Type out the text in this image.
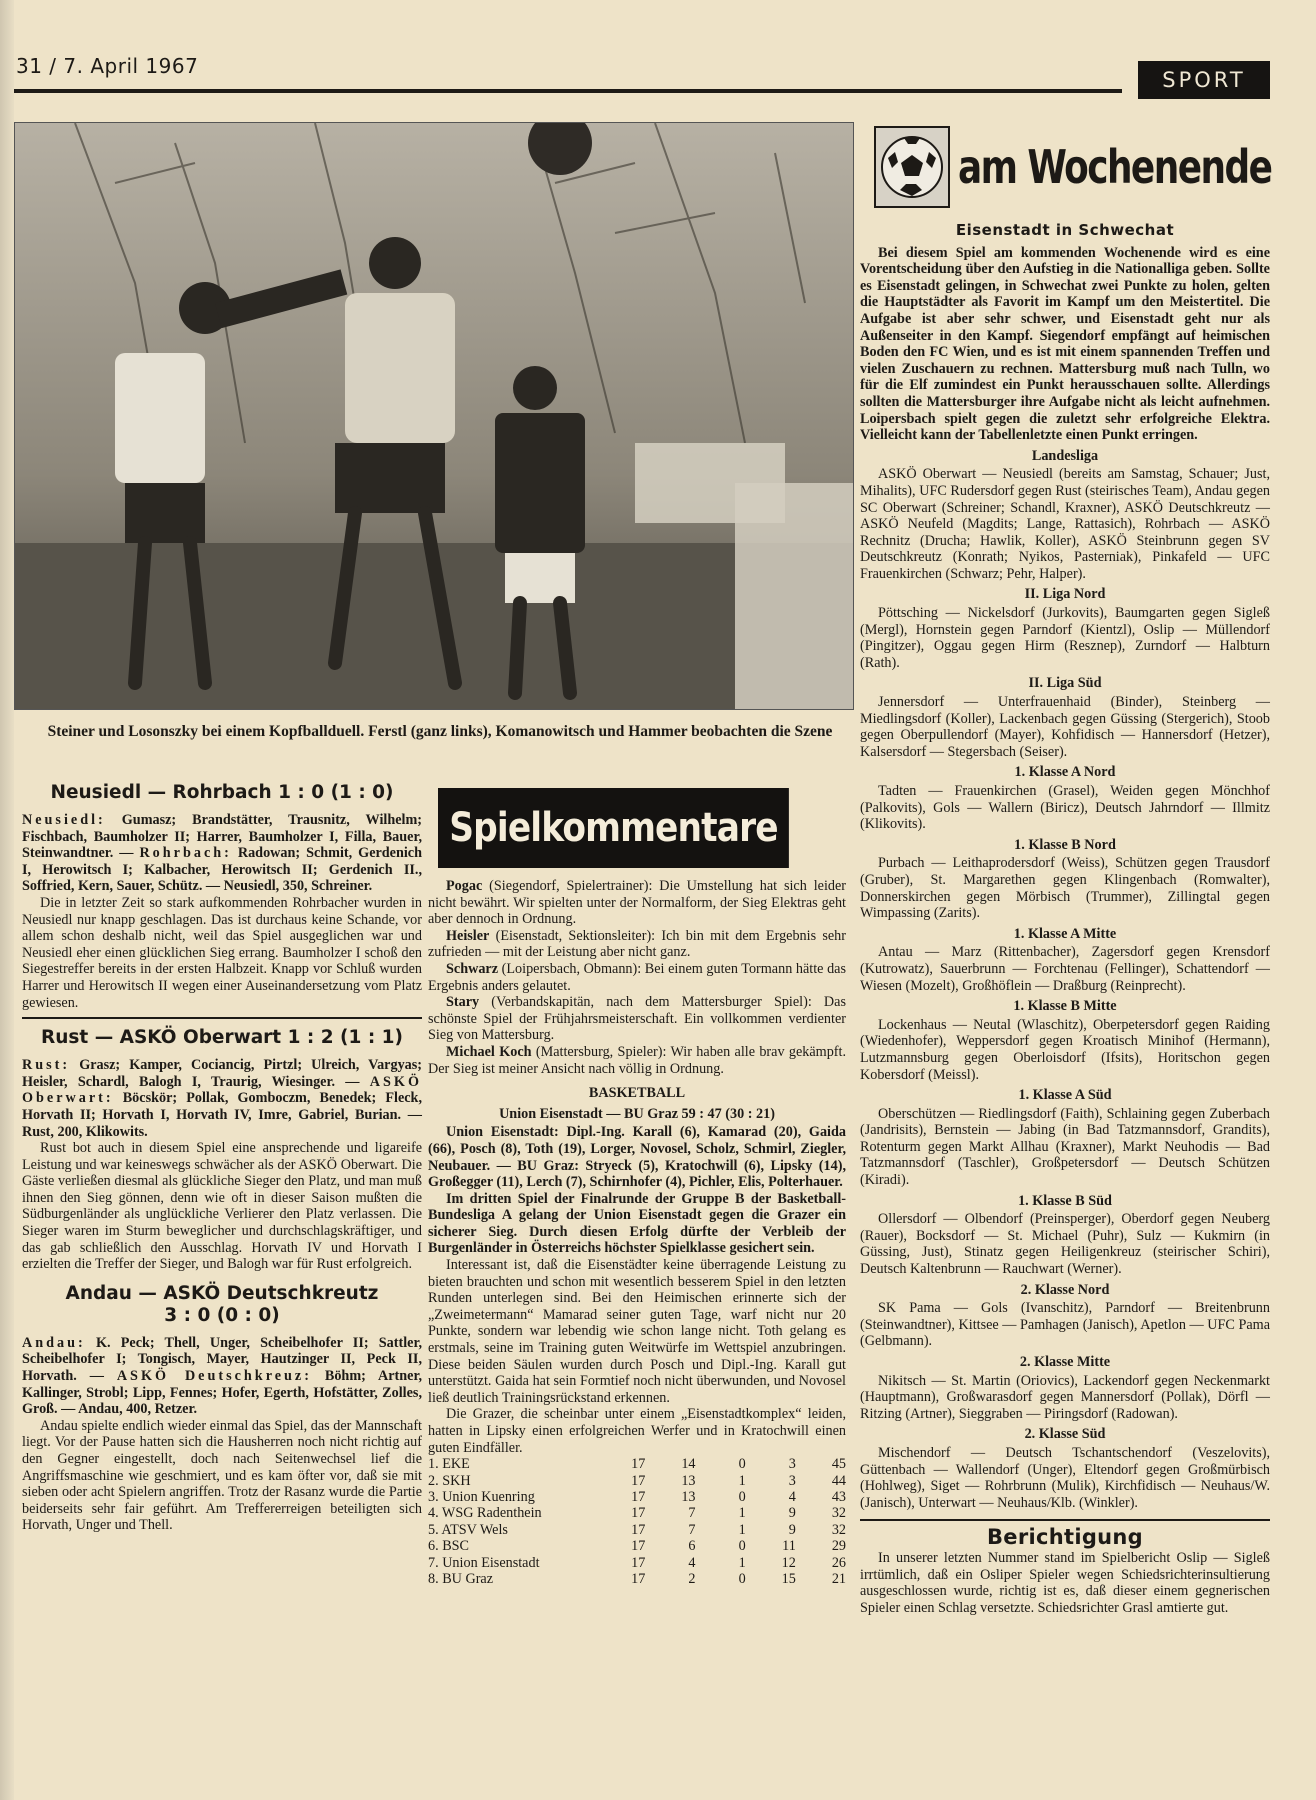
31 / 7. April 1967
SPORT
Steiner und Losonszky bei einem Kopfballduell. Ferstl (ganz links), Komanowitsch und Hammer beobachten die Szene
Neusiedl — Rohrbach 1 : 0 (1 : 0)

Neusiedl: Gumasz; Brandstätter, Trausnitz, Wilhelm; Fischbach, Baumholzer II; Harrer, Baumholzer I, Filla, Bauer, Steinwandtner. — Rohrbach: Radowan; Schmit, Gerdenich I, Herowitsch I; Kalbacher, Herowitsch II; Gerdenich II., Soffried, Kern, Sauer, Schütz. — Neusiedl, 350, Schreiner.

Die in letzter Zeit so stark aufkommenden Rohrbacher wurden in Neusiedl nur knapp geschlagen. Das ist durchaus keine Schande, vor allem schon deshalb nicht, weil das Spiel ausgeglichen war und Neusiedl eher einen glücklichen Sieg errang. Baumholzer I schoß den Siegestreffer bereits in der ersten Halbzeit. Knapp vor Schluß wurden Harrer und Herowitsch II wegen einer Auseinandersetzung vom Platz gewiesen.

Rust — ASKÖ Oberwart 1 : 2 (1 : 1)

Rust: Grasz; Kamper, Cociancig, Pirtzl; Ulreich, Vargyas; Heisler, Schardl, Balogh I, Traurig, Wiesinger. — ASKÖ Oberwart: Böcskör; Pollak, Gomboczm, Benedek; Fleck, Horvath II; Horvath I, Horvath IV, Imre, Gabriel, Burian. — Rust, 200, Klikowits.

Rust bot auch in diesem Spiel eine ansprechende und ligareife Leistung und war keineswegs schwächer als der ASKÖ Oberwart. Die Gäste verließen diesmal als glückliche Sieger den Platz, und man muß ihnen den Sieg gönnen, denn wie oft in dieser Saison mußten die Südburgenländer als unglückliche Verlierer den Platz verlassen. Die Sieger waren im Sturm beweglicher und durchschlagskräftiger, und das gab schließlich den Ausschlag. Horvath IV und Horvath I erzielten die Treffer der Sieger, und Balogh war für Rust erfolgreich.

Andau — ASKÖ Deutschkreutz
3 : 0 (0 : 0)

Andau: K. Peck; Thell, Unger, Scheibelhofer II; Sattler, Scheibelhofer I; Tongisch, Mayer, Hautzinger II, Peck II, Horvath. — ASKÖ Deutschkreuz: Böhm; Artner, Kallinger, Strobl; Lipp, Fennes; Hofer, Egerth, Hofstätter, Zolles, Groß. — Andau, 400, Retzer.

Andau spielte endlich wieder einmal das Spiel, das der Mannschaft liegt. Vor der Pause hatten sich die Hausherren noch nicht richtig auf den Gegner eingestellt, doch nach Seitenwechsel lief die Angriffsmaschine wie geschmiert, und es kam öfter vor, daß sie mit sieben oder acht Spielern angriffen. Trotz der Rasanz wurde die Partie beiderseits sehr fair geführt. Am Treffererreigen beteiligten sich Horvath, Unger und Thell.

Spielkommentare

Pogac (Siegendorf, Spielertrainer): Die Umstellung hat sich leider nicht bewährt. Wir spielten unter der Normalform, der Sieg Elektras geht aber dennoch in Ordnung.

Heisler (Eisenstadt, Sektionsleiter): Ich bin mit dem Ergebnis sehr zufrieden — mit der Leistung aber nicht ganz.

Schwarz (Loipersbach, Obmann): Bei einem guten Tormann hätte das Ergebnis anders gelautet.

Stary (Verbandskapitän, nach dem Mattersburger Spiel): Das schönste Spiel der Frühjahrsmeisterschaft. Ein vollkommen verdienter Sieg von Mattersburg.

Michael Koch (Mattersburg, Spieler): Wir haben alle brav gekämpft. Der Sieg ist meiner Ansicht nach völlig in Ordnung.

BASKETBALL
Union Eisenstadt — BU Graz 59 : 47 (30 : 21)

Union Eisenstadt: Dipl.-Ing. Karall (6), Kamarad (20), Gaida (66), Posch (8), Toth (19), Lorger, Novosel, Scholz, Schmirl, Ziegler, Neubauer. — BU Graz: Stryeck (5), Kratochwill (6), Lipsky (14), Großegger (11), Lerch (7), Schirnhofer (4), Pichler, Elis, Polterhauer.

Im dritten Spiel der Finalrunde der Gruppe B der Basketball-Bundesliga A gelang der Union Eisenstadt gegen die Grazer ein sicherer Sieg. Durch diesen Erfolg dürfte der Verbleib der Burgenländer in Österreichs höchster Spielklasse gesichert sein.

Interessant ist, daß die Eisenstädter keine überragende Leistung zu bieten brauchten und schon mit wesentlich besserem Spiel in den letzten Runden unterlegen sind. Bei den Heimischen erinnerte sich der „Zweimetermann“ Mamarad seiner guten Tage, warf nicht nur 20 Punkte, sondern war lebendig wie schon lange nicht. Toth gelang es erstmals, seine im Training guten Weitwürfe im Wettspiel anzubringen. Diese beiden Säulen wurden durch Posch und Dipl.-Ing. Karall gut unterstützt. Gaida hat sein Formtief noch nicht überwunden, und Novosel ließ deutlich Trainingsrückstand erkennen.

Die Grazer, die scheinbar unter einem „Eisenstadtkomplex“ leiden, hatten in Lipsky einen erfolgreichen Werfer und in Kratochwill einen guten Eindfäller.

1. EKE	17	14	0	3	45
2. SKH	17	13	1	3	44
3. Union Kuenring	17	13	0	4	43
4. WSG Radenthein	17	7	1	9	32
5. ATSV Wels	17	7	1	9	32
6. BSC	17	6	0	11	29
7. Union Eisenstadt	17	4	1	12	26
8. BU Graz	17	2	0	15	21
am Wochenende
Eisenstadt in Schwechat

Bei diesem Spiel am kommenden Wochenende wird es eine Vorentscheidung über den Aufstieg in die Nationalliga geben. Sollte es Eisenstadt gelingen, in Schwechat zwei Punkte zu holen, gelten die Hauptstädter als Favorit im Kampf um den Meistertitel. Die Aufgabe ist aber sehr schwer, und Eisenstadt geht nur als Außenseiter in den Kampf. Siegendorf empfängt auf heimischen Boden den FC Wien, und es ist mit einem spannenden Treffen und vielen Zuschauern zu rechnen. Mattersburg muß nach Tulln, wo für die Elf zumindest ein Punkt herausschauen sollte. Allerdings sollten die Mattersburger ihre Aufgabe nicht als leicht aufnehmen. Loipersbach spielt gegen die zuletzt sehr erfolgreiche Elektra. Vielleicht kann der Tabellenletzte einen Punkt erringen.

Landesliga

ASKÖ Oberwart — Neusiedl (bereits am Samstag, Schauer; Just, Mihalits), UFC Rudersdorf gegen Rust (steirisches Team), Andau gegen SC Oberwart (Schreiner; Schandl, Kraxner), ASKÖ Deutschkreutz — ASKÖ Neufeld (Magdits; Lange, Rattasich), Rohrbach — ASKÖ Rechnitz (Drucha; Hawlik, Koller), ASKÖ Steinbrunn gegen SV Deutschkreutz (Konrath; Nyikos, Pasterniak), Pinkafeld — UFC Frauenkirchen (Schwarz; Pehr, Halper).

II. Liga Nord

Pöttsching — Nickelsdorf (Jurkovits), Baumgarten gegen Sigleß (Mergl), Hornstein gegen Parndorf (Kientzl), Oslip — Müllendorf (Pingitzer), Oggau gegen Hirm (Resznер), Zurndorf — Halbturn (Rath).

II. Liga Süd

Jennersdorf — Unterfrauenhaid (Binder), Steinberg — Miedlingsdorf (Koller), Lackenbach gegen Güssing (Stergerich), Stoob gegen Oberpullendorf (Mayer), Kohfidisch — Hannersdorf (Hetzer), Kalsersdorf — Stegersbach (Seiser).

1. Klasse A Nord

Tadten — Frauenkirchen (Grasel), Weiden gegen Mönchhof (Palkovits), Gols — Wallern (Biricz), Deutsch Jahrndorf — Illmitz (Klikovits).

1. Klasse B Nord

Purbach — Leithaprodersdorf (Weiss), Schützen gegen Trausdorf (Gruber), St. Margarethen gegen Klingenbach (Romwalter), Donnerskirchen gegen Mörbisch (Trummer), Zillingtal gegen Wimpassing (Zarits).

1. Klasse A Mitte

Antau — Marz (Rittenbacher), Zagersdorf gegen Krensdorf (Kutrowatz), Sauerbrunn — Forchtenau (Fellinger), Schattendorf — Wiesen (Mozelt), Großhöflein — Draßburg (Reinprecht).

1. Klasse B Mitte

Lockenhaus — Neutal (Wlaschitz), Oberpetersdorf gegen Raiding (Wiedenhofer), Weppersdorf gegen Kroatisch Minihof (Hermann), Lutzmannsburg gegen Oberloisdorf (Ifsits), Horitschon gegen Kobersdorf (Meissl).

1. Klasse A Süd

Oberschützen — Riedlingsdorf (Faith), Schlaining gegen Zuberbach (Jandrisits), Bernstein — Jabing (in Bad Tatzmannsdorf, Grandits), Rotenturm gegen Markt Allhau (Kraxner), Markt Neuhodis — Bad Tatzmannsdorf (Taschler), Großpetersdorf — Deutsch Schützen (Kiradi).

1. Klasse B Süd

Ollersdorf — Olbendorf (Preinsperger), Oberdorf gegen Neuberg (Rauer), Bocksdorf — St. Michael (Puhr), Sulz — Kukmirn (in Güssing, Just), Stinatz gegen Heiligenkreuz (steirischer Schiri), Deutsch Kaltenbrunn — Rauchwart (Werner).

2. Klasse Nord

SK Pama — Gols (Ivanschitz), Parndorf — Breitenbrunn (Steinwandtner), Kittsee — Pamhagen (Janisch), Apetlon — UFC Pama (Gelbmann).

2. Klasse Mitte

Nikitsch — St. Martin (Oriovics), Lackendorf gegen Neckenmarkt (Hauptmann), Großwarasdorf gegen Mannersdorf (Pollak), Dörfl — Ritzing (Artner), Sieggraben — Piringsdorf (Radowan).

2. Klasse Süd

Mischendorf — Deutsch Tschantschendorf (Veszelovits), Güttenbach — Wallendorf (Unger), Eltendorf gegen Großmürbisch (Hohlweg), Siget — Rohrbrunn (Mulik), Kirchfidisch — Neuhaus/W. (Janisch), Unterwart — Neuhaus/Klb. (Winkler).

Berichtigung

In unserer letzten Nummer stand im Spielbericht Oslip — Sigleß irrtümlich, daß ein Osliper Spieler wegen Schiedsrichterinsultierung ausgeschlossen wurde, richtig ist es, daß dieser einem gegnerischen Spieler einen Schlag versetzte. Schiedsrichter Grasl amtierte gut.
